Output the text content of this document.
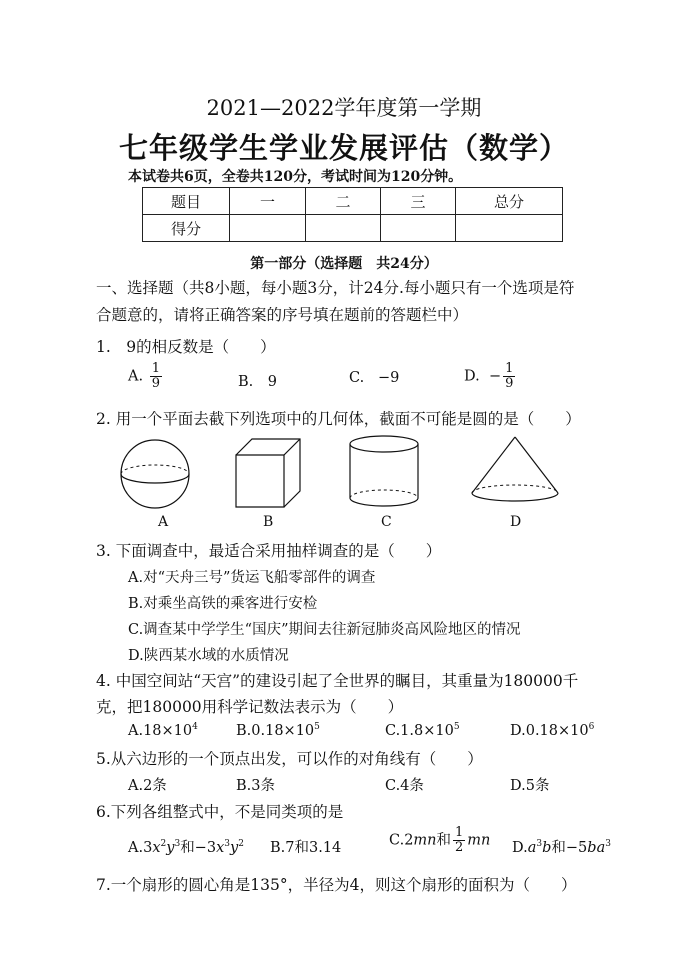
2021—2022学年度第一学期
七年级学生学业发展评估（数学）
本试卷共6页，全卷共120分，考试时间为120分钟。
题目	一	二	三	总分
得分				
第一部分（选择题　共24分）
一、选择题（共8小题，每小题3分，计24分.每小题只有一个选项是符
合题意的，请将正确答案的序号填在题前的答题栏中）
1.　9的相反数是（　　）
A. $\frac{1}{9}$	B.　9	C. −9	D. − $\frac{1}{9}$
2. 用一个平面去截下列选项中的几何体，截面不可能是圆的是（　　）
A	B	C	D
3. 下面调查中，最适合采用抽样调查的是（　　）
A.对“天舟三号”货运飞船零部件的调查
B.对乘坐高铁的乘客进行安检
C.调查某中学学生“国庆”期间去往新冠肺炎高风险地区的情况
D.陕西某水域的水质情况
4. 中国空间站“天宫”的建设引起了全世界的瞩目，其重量为180000千
克，把180000用科学记数法表示为（　　）
$A.18\times 10^4$	$B.0.18\times 10^5$	$C.1.8\times 10^5$	$D.0.18\times 10^6$
5.从六边形的一个顶点出发，可以作的对角线有（　　）
A.2条	B.3条	C.4条	D.5条
6.下列各组整式中，不是同类项的是
$A.3x^2y^3$和$-3x^3y^2$ B.7和3.14	C.2mn和 $\frac{1}{2}$ mn $D.a^3b$和$-5ba^3$
7.一个扇形的圆心角是135°，半径为4，则这个扇形的面积为（　　）
